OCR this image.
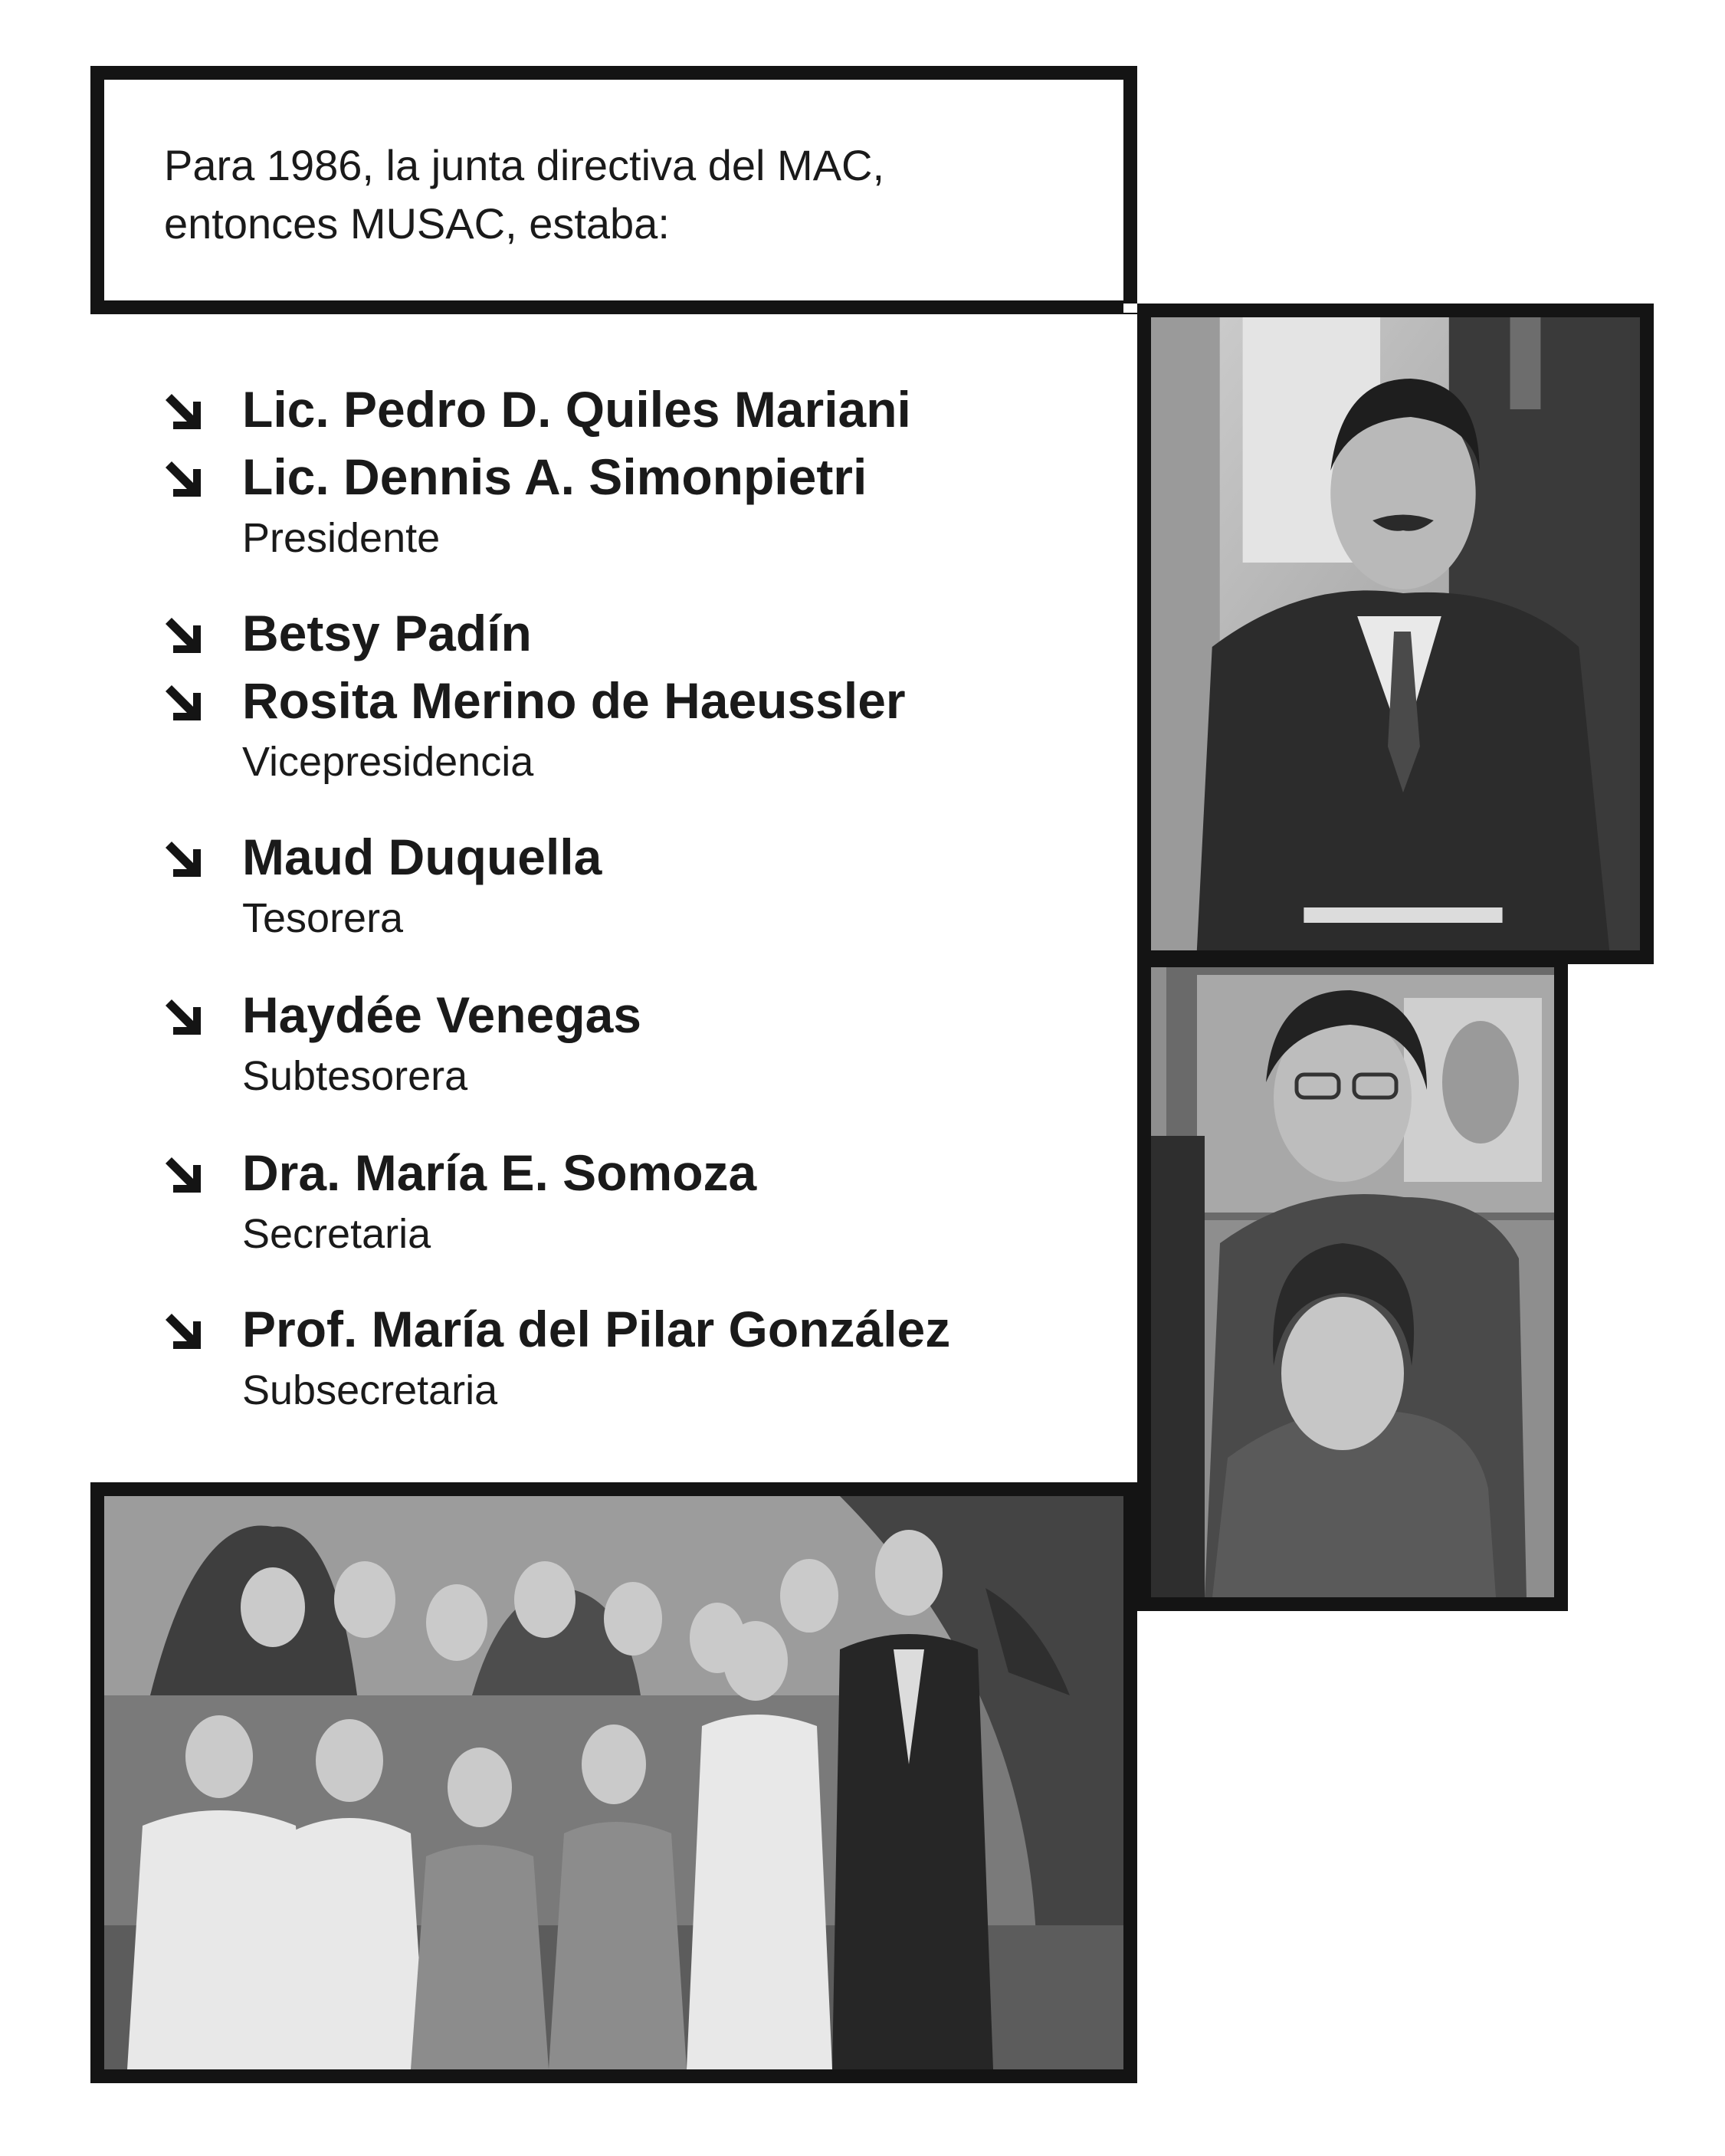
Para 1986, la junta directiva del MAC,
entonces MUSAC, estaba:
Lic. Pedro D. Quiles Mariani
Lic. Dennis A. Simonpietri
Presidente
Betsy Padín
Rosita Merino de Haeussler
Vicepresidencia
Maud Duquella
Tesorera
Haydée Venegas
Subtesorera
Dra. María E. Somoza
Secretaria
Prof. María del Pilar González
Subsecretaria
